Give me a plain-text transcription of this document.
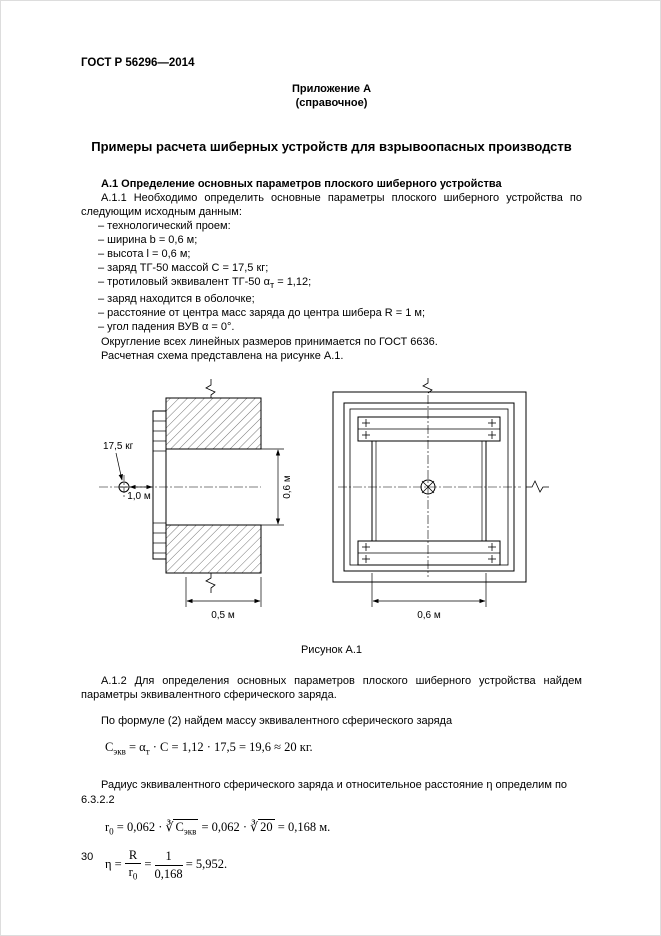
ГОСТ Р 56296—2014
Приложение А
(справочное)
Примеры расчета шиберных устройств для взрывоопасных производств

А.1 Определение основных параметров плоского шиберного устройства

А.1.1 Необходимо определить основные параметры плоского шиберного устройства по следующим исходным данным:

– технологический проем:
– ширина b = 0,6 м;
– высота l = 0,6 м;
– заряд ТГ-50 массой С = 17,5 кг;
– тротиловый эквивалент ТГ-50 $\alpha_т = 1,12$;
– заряд находится в оболочке;
– расстояние от центра масс заряда до центра шибера R = 1 м;
– угол падения ВУВ α = 0°.

Округление всех линейных размеров принимается по ГОСТ 6636.

Расчетная схема представлена на рисунке А.1.

17,5 кг
1,0 м	0,6 м
0,5 м	0,6 м
Рисунок А.1

А.1.2 Для определения основных параметров плоского шиберного устройства найдем параметры эквивалентного сферического заряда.

По формуле (2) найдем массу эквивалентного сферического заряда

$С_{экв} = \alpha_т \cdot С = 1,12 \cdot 17,5 = 19,6 \approx 20$ кг.

Радиус эквивалентного сферического заряда и относительное расстояние η определим по 6.3.2.2

$r_0 = 0,062$ · ∛ $С_{экв} = 0,062$ · ∛ 20 = 0,168 м.
$\eta = \frac{R}{r_0} = \frac{1}{0,168} = 5,952$.
30
